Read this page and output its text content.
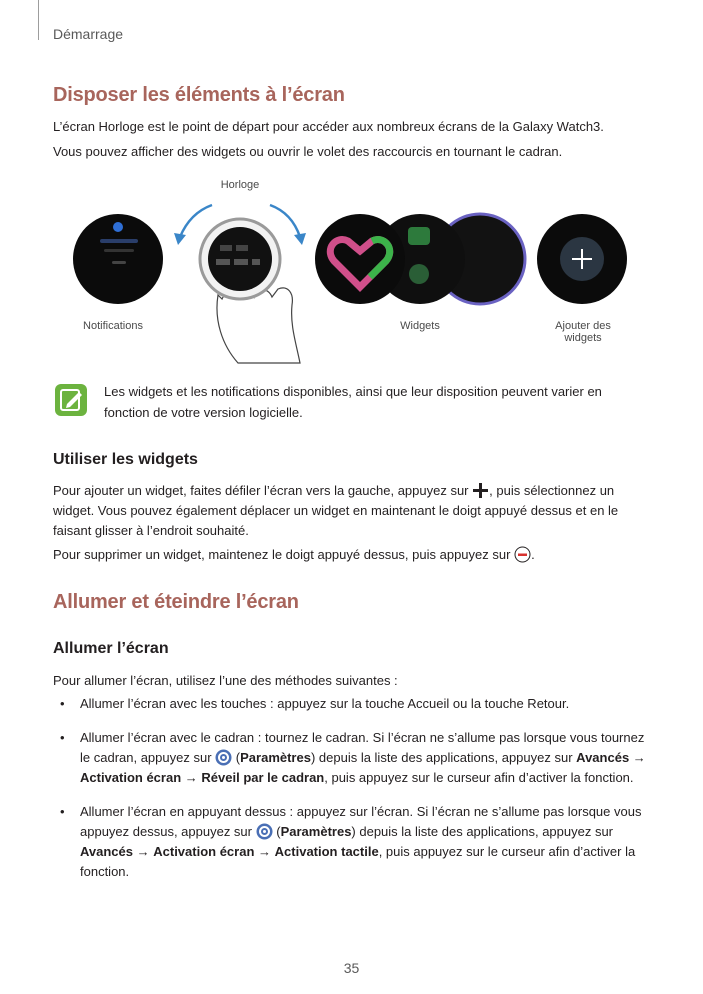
Démarrage
Disposer les éléments à l’écran
L’écran Horloge est le point de départ pour accéder aux nombreux écrans de la Galaxy Watch3.
Vous pouvez afficher des widgets ou ouvrir le volet des raccourcis en tournant le cadran.
Horloge
Notifications	Widgets	Ajouter des
widgets
Les widgets et les notifications disponibles, ainsi que leur disposition peuvent varier en
fonction de votre version logicielle.
Utiliser les widgets
Pour ajouter un widget, faites défiler l’écran vers la gauche, appuyez sur , puis sélectionnez un
widget. Vous pouvez également déplacer un widget en maintenant le doigt appuyé dessus et en le
faisant glisser à l’endroit souhaité.
Pour supprimer un widget, maintenez le doigt appuyé dessus, puis appuyez sur .
Allumer et éteindre l’écran
Allumer l’écran
Pour allumer l’écran, utilisez l’une des méthodes suivantes :
• Allumer l’écran avec les touches : appuyez sur la touche Accueil ou la touche Retour.
• Allumer l’écran avec le cadran : tournez le cadran. Si l’écran ne s’allume pas lorsque vous tournez le cadran, appuyez sur (Paramètres) depuis la liste des applications, appuyez sur Avancés → Activation écran → Réveil par le cadran, puis appuyez sur le curseur afin d’activer la fonction.
• Allumer l’écran en appuyant dessus : appuyez sur l’écran. Si l’écran ne s’allume pas lorsque vous appuyez dessus, appuyez sur (Paramètres) depuis la liste des applications, appuyez sur Avancés → Activation écran → Activation tactile, puis appuyez sur le curseur afin d’activer la fonction.
35
